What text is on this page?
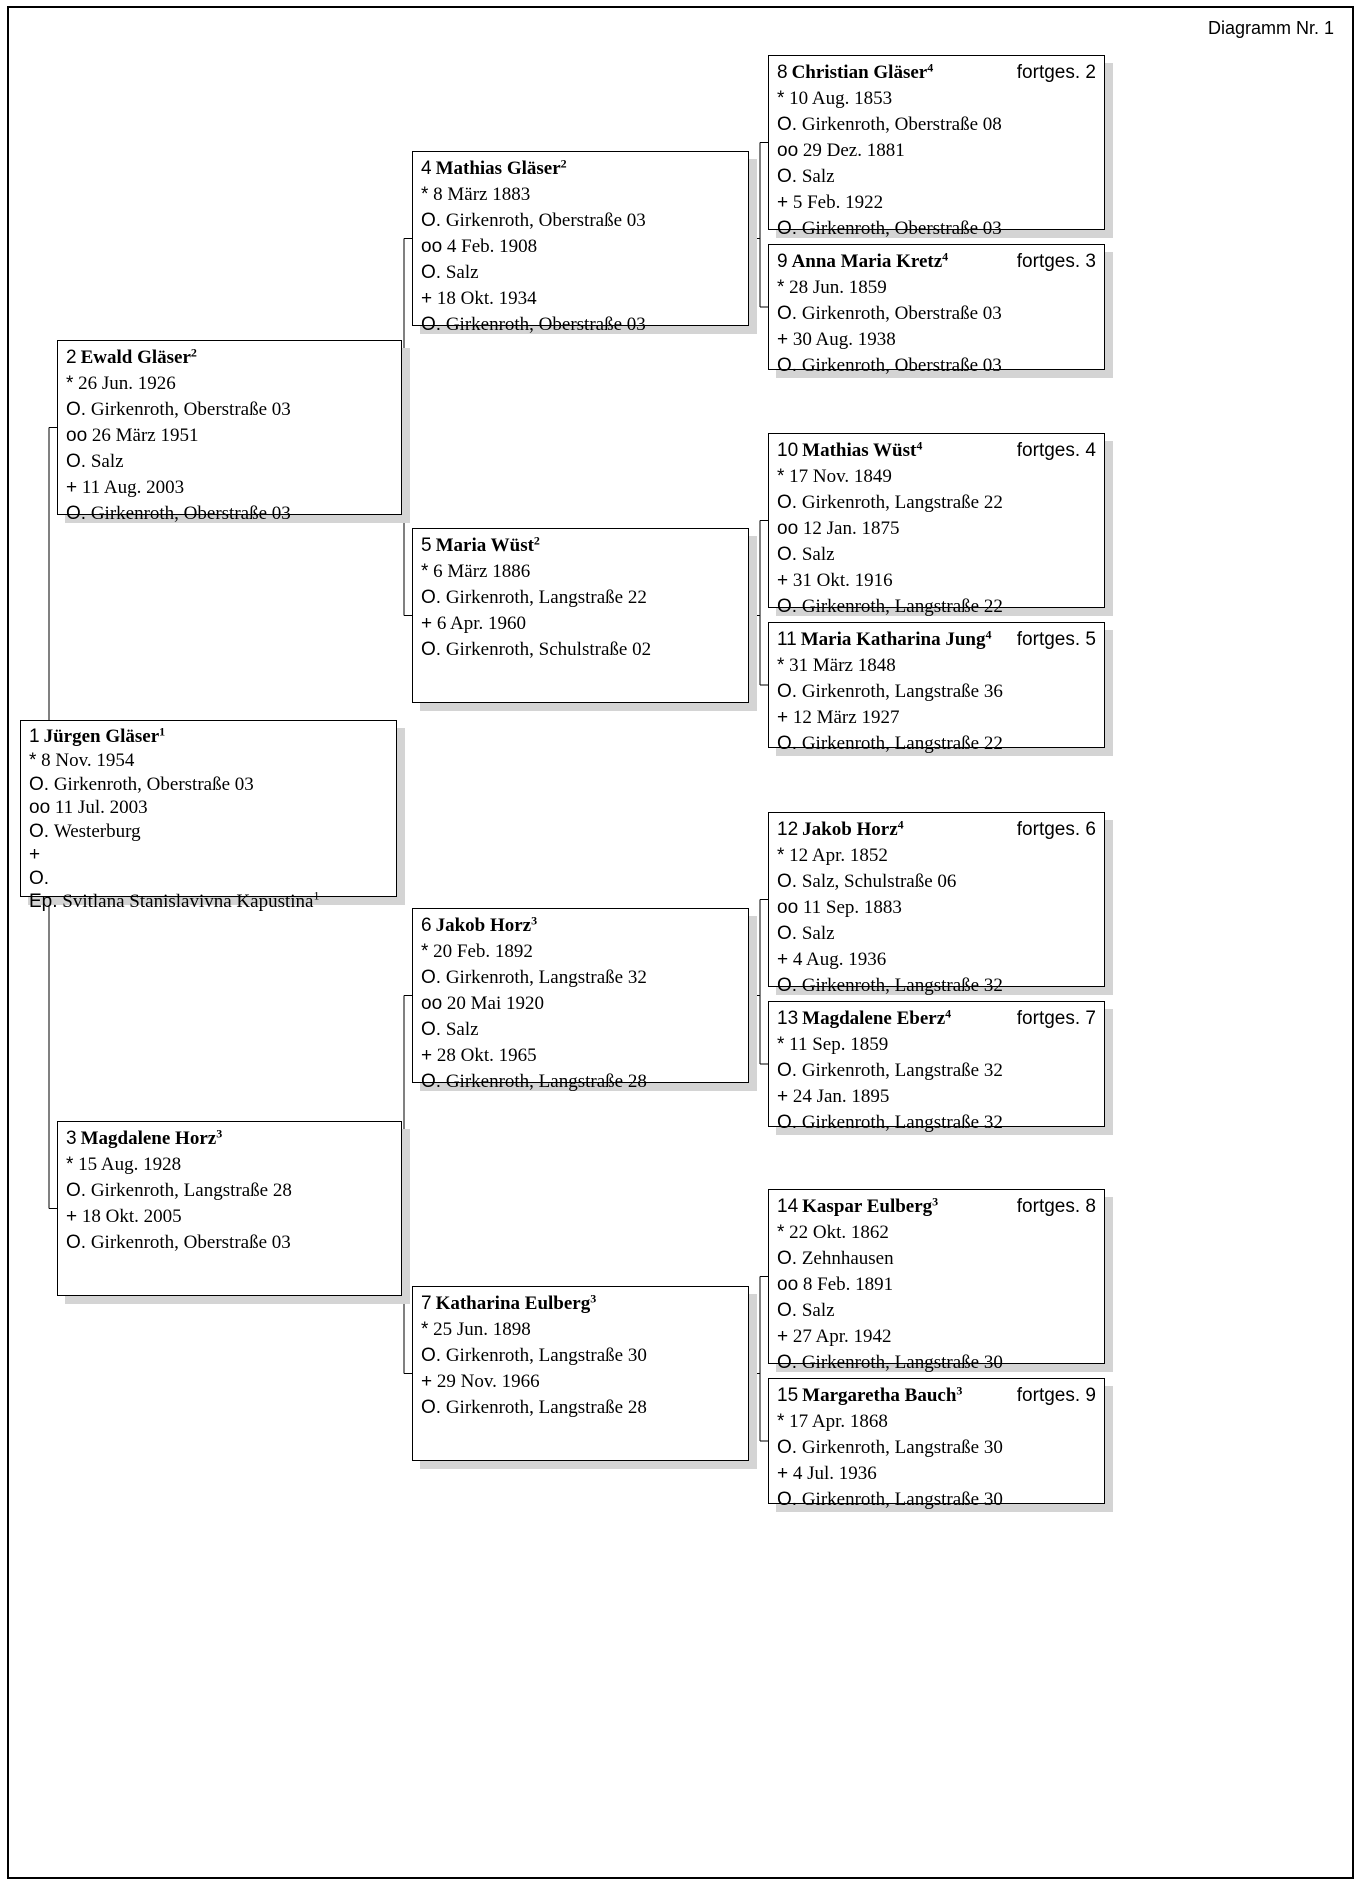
Diagramm Nr. 1
1 Jürgen Gläser$^1$
* 8 Nov. 1954
O. Girkenroth, Oberstraße 03
oo 11 Jul. 2003
O. Westerburg
+
O.
Ep. Svitlana Stanislavivna Kapustina$^1$
2 Ewald Gläser$^2$
* 26 Jun. 1926
O. Girkenroth, Oberstraße 03
oo 26 März 1951
O. Salz
+ 11 Aug. 2003
O. Girkenroth, Oberstraße 03
3 Magdalene Horz$^3$
* 15 Aug. 1928
O. Girkenroth, Langstraße 28
+ 18 Okt. 2005
O. Girkenroth, Oberstraße 03
4 Mathias Gläser$^2$
* 8 März 1883
O. Girkenroth, Oberstraße 03
oo 4 Feb. 1908
O. Salz
+ 18 Okt. 1934
O. Girkenroth, Oberstraße 03
5 Maria Wüst$^2$
* 6 März 1886
O. Girkenroth, Langstraße 22
+ 6 Apr. 1960
O. Girkenroth, Schulstraße 02
6 Jakob Horz$^3$
* 20 Feb. 1892
O. Girkenroth, Langstraße 32
oo 20 Mai 1920
O. Salz
+ 28 Okt. 1965
O. Girkenroth, Langstraße 28
7 Katharina Eulberg$^3$
* 25 Jun. 1898
O. Girkenroth, Langstraße 30
+ 29 Nov. 1966
O. Girkenroth, Langstraße 28
8 Christian Gläser$^4$	fortges. 2
* 10 Aug. 1853
O. Girkenroth, Oberstraße 08
oo 29 Dez. 1881
O. Salz
+ 5 Feb. 1922
O. Girkenroth, Oberstraße 03
9 Anna Maria Kretz$^4$	fortges. 3
* 28 Jun. 1859
O. Girkenroth, Oberstraße 03
+ 30 Aug. 1938
O. Girkenroth, Oberstraße 03
10 Mathias Wüst$^4$	fortges. 4
* 17 Nov. 1849
O. Girkenroth, Langstraße 22
oo 12 Jan. 1875
O. Salz
+ 31 Okt. 1916
O. Girkenroth, Langstraße 22
11 Maria Katharina Jung$^4$ fortges. 5
* 31 März 1848
O. Girkenroth, Langstraße 36
+ 12 März 1927
O. Girkenroth, Langstraße 22
12 Jakob Horz$^4$	fortges. 6
* 12 Apr. 1852
O. Salz, Schulstraße 06
oo 11 Sep. 1883
O. Salz
+ 4 Aug. 1936
O. Girkenroth, Langstraße 32
13 Magdalene Eberz$^4$	fortges. 7
* 11 Sep. 1859
O. Girkenroth, Langstraße 32
+ 24 Jan. 1895
O. Girkenroth, Langstraße 32
14 Kaspar Eulberg$^3$	fortges. 8
* 22 Okt. 1862
O. Zehnhausen
oo 8 Feb. 1891
O. Salz
+ 27 Apr. 1942
O. Girkenroth, Langstraße 30
15 Margaretha Bauch$^3$	fortges. 9
* 17 Apr. 1868
O. Girkenroth, Langstraße 30
+ 4 Jul. 1936
O. Girkenroth, Langstraße 30
